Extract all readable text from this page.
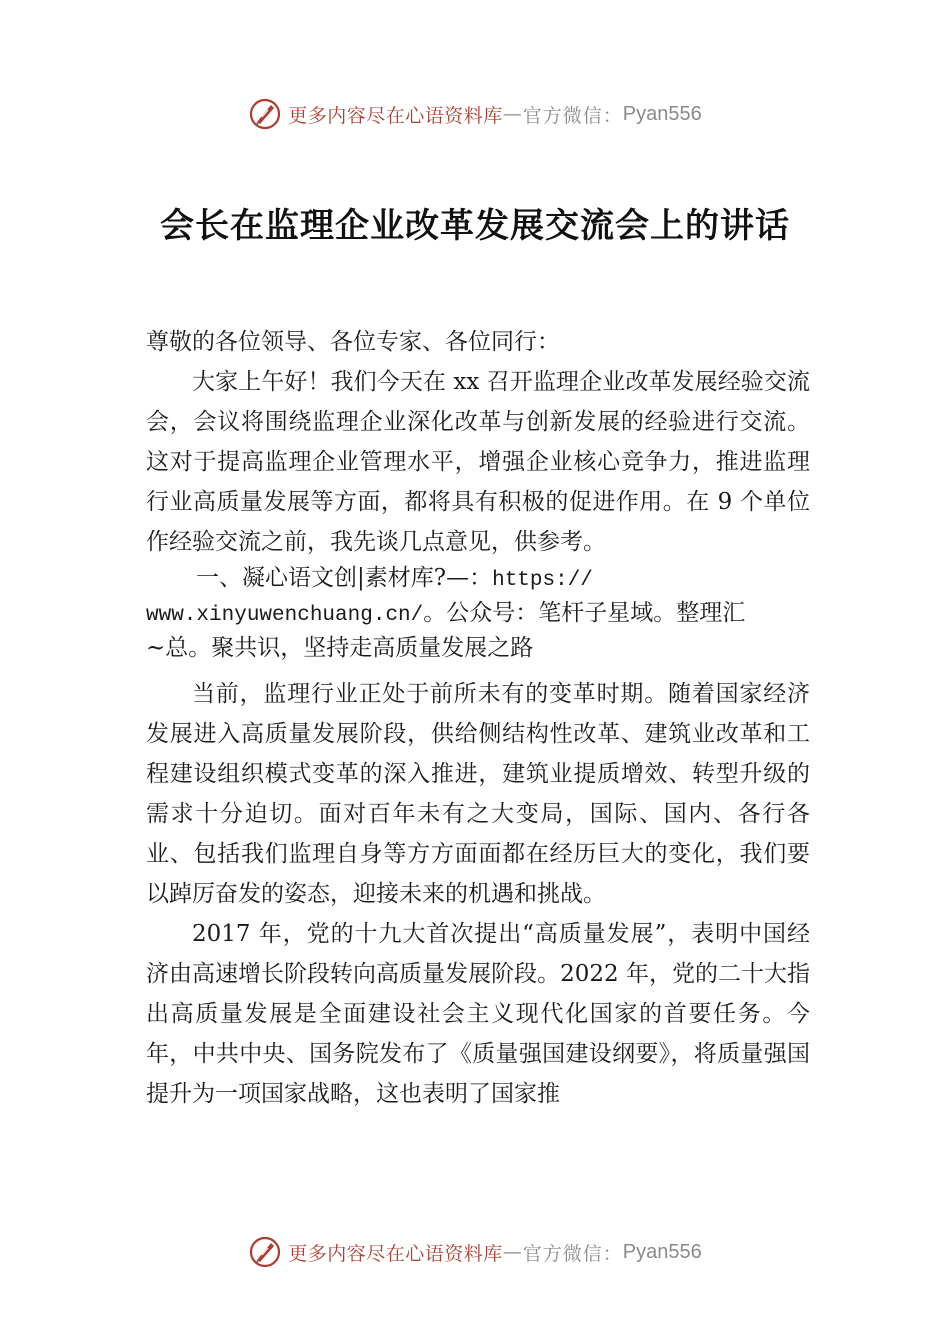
更多内容尽在心语资料库 — 官方微信： Pyan556
会长在监理企业改革发展交流会上的讲话

尊敬的各位领导、各位专家、各位同行：

大家上午好！我们今天在 xx 召开监理企业改革发展经验交流会，会议将围绕监理企业深化改革与创新发展的经验进行交流。这对于提高监理企业管理水平，增强企业核心竞争力，推进监理行业高质量发展等方面，都将具有积极的促进作用。在 9 个单位作经验交流之前，我先谈几点意见，供参考。

一、凝心语文创|素材库?—：https://
www.xinyuwenchuang.cn/。公众号：笔杆子星域。整理汇
~总。聚共识，坚持走高质量发展之路

当前，监理行业正处于前所未有的变革时期。随着国家经济发展进入高质量发展阶段，供给侧结构性改革、建筑业改革和工程建设组织模式变革的深入推进，建筑业提质增效、转型升级的需求十分迫切。面对百年未有之大变局，国际、国内、各行各业、包括我们监理自身等方方面面都在经历巨大的变化，我们要以踔厉奋发的姿态，迎接未来的机遇和挑战。

2017 年，党的十九大首次提出“高质量发展”，表明中国经济由高速增长阶段转向高质量发展阶段。2022 年，党的二十大指出高质量发展是全面建设社会主义现代化国家的首要任务。今年，中共中央、国务院发布了《质量强国建设纲要》，将质量强国提升为一项国家战略，这也表明了国家推

更多内容尽在心语资料库 — 官方微信： Pyan556
